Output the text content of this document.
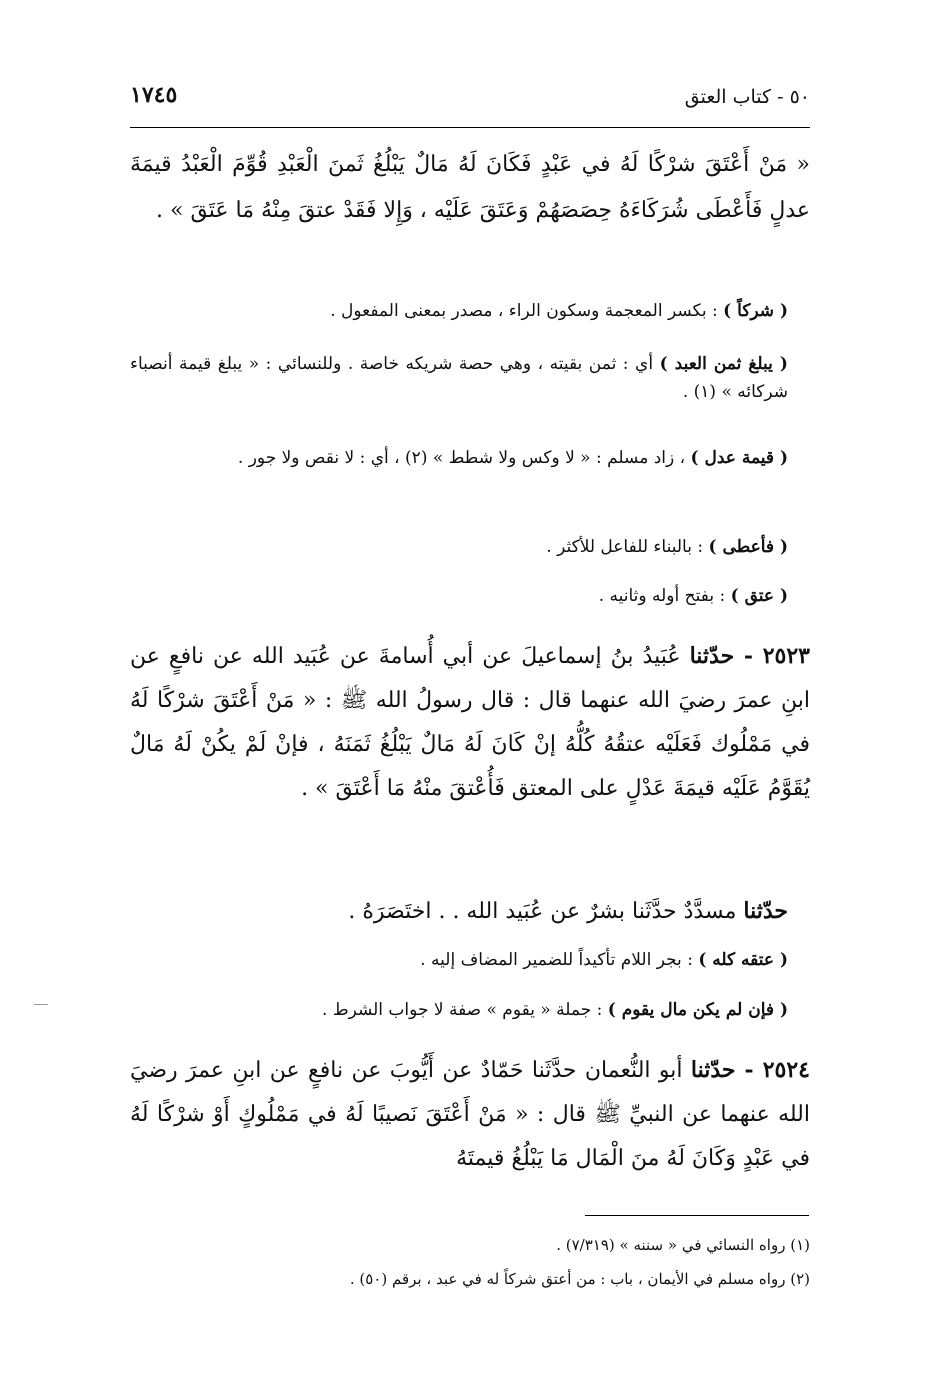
٥٠ - كتاب العتق
١٧٤٥

« مَنْ أَعْتَقَ شرْكًا لَهُ في عَبْدٍ فَكَانَ لَهُ مَالٌ يَبْلُغُ ثَمنَ الْعَبْدِ قُوِّمَ الْعَبْدُ قيمَةَ عدلٍ فَأَعْطَى شُرَكَاءَهُ حِصَصَهُمْ وَعَتَقَ عَلَيْه ، وَإِلا فَقَدْ عتقَ مِنْهُ مَا عَتَقَ » .

( شركاً ) : بكسر المعجمة وسكون الراء ، مصدر بمعنى المفعول .

( يبلغ ثمن العبد ) أي : ثمن بقيته ، وهي حصة شريكه خاصة . وللنسائي : « يبلغ قيمة أنصباء شركائه » (١) .

( قيمة عدل ) ، زاد مسلم : « لا وكس ولا شطط » (٢) ، أي : لا نقص ولا جور .

( فأعطى ) : بالبناء للفاعل للأكثر .

( عتق ) : بفتح أوله وثانيه .

٢٥٢٣ - حدّثنا عُبَيدُ بنُ إسماعيلَ عن أبي أُسامةَ عن عُبَيد الله عن نافعٍ عن ابنِ عمرَ رضيَ الله عنهما قال : قال رسولُ الله ﷺ : « مَنْ أَعْتَقَ شرْكًا لَهُ في مَمْلُوك فَعَلَيْه عتقُهُ كُلُّهُ إنْ كَانَ لَهُ مَالٌ يَبْلُغُ ثَمَنَهُ ، فإنْ لَمْ يكُنْ لَهُ مَالٌ يُقَوَّمُ عَلَيْه قيمَةَ عَدْلٍ على المعتق فَأُعْتقَ منْهُ مَا أَعْتَقَ » .

حدّثنا مسدَّدٌ حدَّثَنا بشرٌ عن عُبَيد الله . . اختَصَرَهُ .

( عتقه كله ) : بجر اللام تأكيداً للضمير المضاف إليه .

( فإن لم يكن مال يقوم ) : جملة « يقوم » صفة لا جواب الشرط .

٢٥٢٤ - حدّثنا أبو النُّعمان حدَّثَنا حَمّادٌ عن أَيُّوبَ عن نافعٍ عن ابنِ عمرَ رضيَ الله عنهما عن النبيِّ ﷺ قال : « مَنْ أَعْتَقَ نَصيبًا لَهُ في مَمْلُوكٍ أَوْ شرْكًا لَهُ في عَبْدٍ وَكَانَ لَهُ منَ الْمَال مَا يَبْلُغُ قيمتَهُ

(١) رواه النسائي في « سننه » (٧/٣١٩) .
(٢) رواه مسلم في الأيمان ، باب : من أعتق شركاً له في عبد ، برقم (٥٠) .
